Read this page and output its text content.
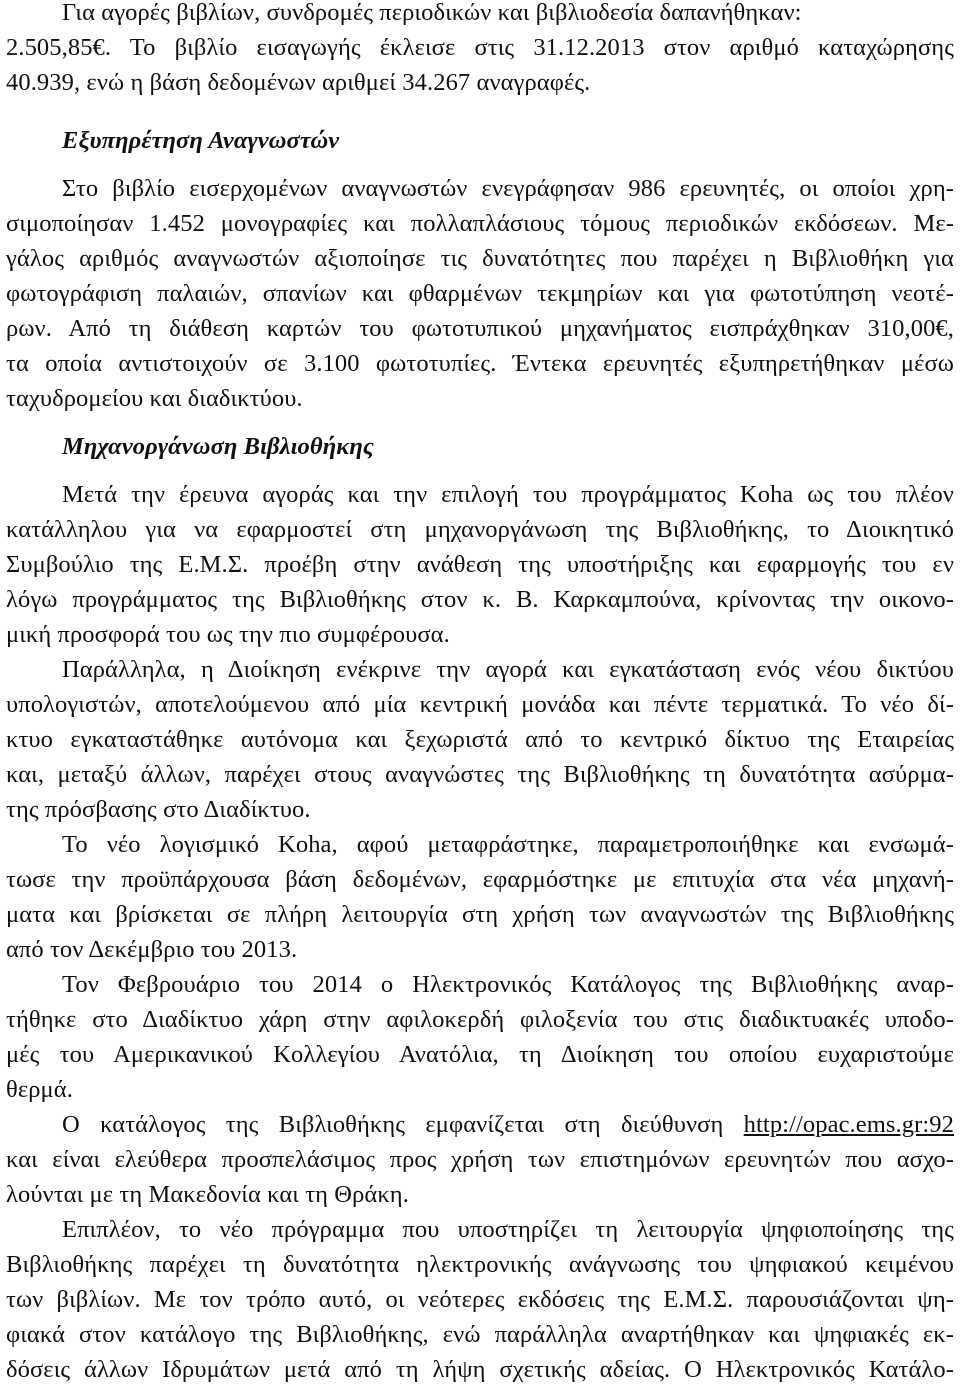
Για αγορές βιβλίων, συνδρομές περιοδικών και βιβλιοδεσία δαπανήθηκαν:
2.505,85€. Το βιβλίο εισαγωγής έκλεισε στις 31.12.2013 στον αριθμό καταχώρησης
40.939, ενώ η βάση δεδομένων αριθμεί 34.267 αναγραφές.
Εξυπηρέτηση Αναγνωστών
Στο βιβλίο εισερχομένων αναγνωστών ενεγράφησαν 986 ερευνητές, οι οποίοι χρη-
σιμοποίησαν 1.452 μονογραφίες και πολλαπλάσιους τόμους περιοδικών εκδόσεων. Με-
γάλος αριθμός αναγνωστών αξιοποίησε τις δυνατότητες που παρέχει η Βιβλιοθήκη για
φωτογράφιση παλαιών, σπανίων και φθαρμένων τεκμηρίων και για φωτοτύπηση νεοτέ-
ρων. Από τη διάθεση καρτών του φωτοτυπικού μηχανήματος εισπράχθηκαν 310,00€,
τα οποία αντιστοιχούν σε 3.100 φωτοτυπίες. Έντεκα ερευνητές εξυπηρετήθηκαν μέσω
ταχυδρομείου και διαδικτύου.
Μηχανοργάνωση Βιβλιοθήκης
Μετά την έρευνα αγοράς και την επιλογή του προγράμματος Koha ως του πλέον
κατάλληλου για να εφαρμοστεί στη μηχανοργάνωση της Βιβλιοθήκης, το Διοικητικό
Συμβούλιο της Ε.Μ.Σ. προέβη στην ανάθεση της υποστήριξης και εφαρμογής του εν
λόγω προγράμματος της Βιβλιοθήκης στον κ. Β. Καρκαμπούνα, κρίνοντας την οικονο-
μική προσφορά του ως την πιο συμφέρουσα.
Παράλληλα, η Διοίκηση ενέκρινε την αγορά και εγκατάσταση ενός νέου δικτύου
υπολογιστών, αποτελούμενου από μία κεντρική μονάδα και πέντε τερματικά. Το νέο δί-
κτυο εγκαταστάθηκε αυτόνομα και ξεχωριστά από το κεντρικό δίκτυο της Εταιρείας
και, μεταξύ άλλων, παρέχει στους αναγνώστες της Βιβλιοθήκης τη δυνατότητα ασύρμα-
της πρόσβασης στο Διαδίκτυο.
Το νέο λογισμικό Koha, αφού μεταφράστηκε, παραμετροποιήθηκε και ενσωμά-
τωσε την προϋπάρχουσα βάση δεδομένων, εφαρμόστηκε με επιτυχία στα νέα μηχανή-
ματα και βρίσκεται σε πλήρη λειτουργία στη χρήση των αναγνωστών της Βιβλιοθήκης
από τον Δεκέμβριο του 2013.
Τον Φεβρουάριο του 2014 ο Ηλεκτρονικός Κατάλογος της Βιβλιοθήκης αναρ-
τήθηκε στο Διαδίκτυο χάρη στην αφιλοκερδή φιλοξενία του στις διαδικτυακές υποδο-
μές του Αμερικανικού Κολλεγίου Ανατόλια, τη Διοίκηση του οποίου ευχαριστούμε
θερμά.
Ο κατάλογος της Βιβλιοθήκης εμφανίζεται στη διεύθυνση http://opac.ems.gr:92
και είναι ελεύθερα προσπελάσιμος προς χρήση των επιστημόνων ερευνητών που ασχο-
λούνται με τη Μακεδονία και τη Θράκη.
Επιπλέον, το νέο πρόγραμμα που υποστηρίζει τη λειτουργία ψηφιοποίησης της
Βιβλιοθήκης παρέχει τη δυνατότητα ηλεκτρονικής ανάγνωσης του ψηφιακού κειμένου
των βιβλίων. Με τον τρόπο αυτό, οι νεότερες εκδόσεις της Ε.Μ.Σ. παρουσιάζονται ψη-
φιακά στον κατάλογο της Βιβλιοθήκης, ενώ παράλληλα αναρτήθηκαν και ψηφιακές εκ-
δόσεις άλλων Ιδρυμάτων μετά από τη λήψη σχετικής αδείας. Ο Ηλεκτρονικός Κατάλο-
